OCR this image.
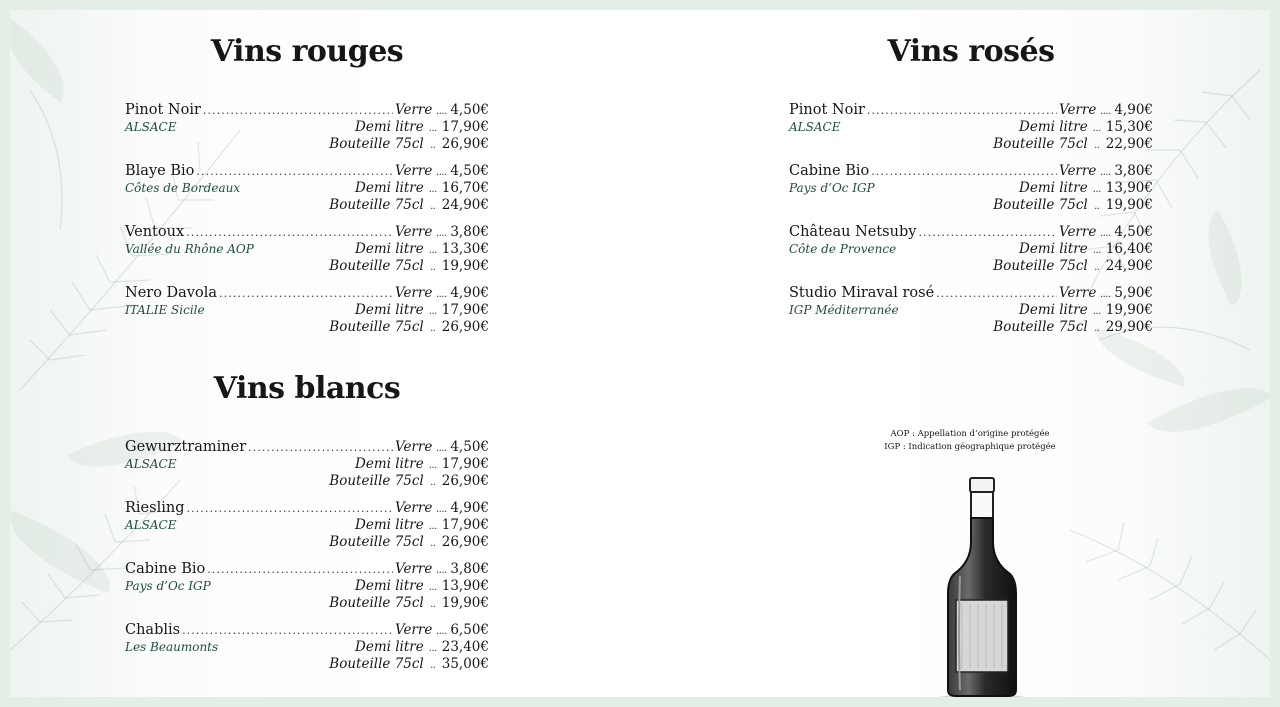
Vins rouges
Pinot Noir . . .	Verre .... 4,50€
ALSACE	Demi litre ... 17,90€
Bouteille 75cl .. 26,90€
Blaye Bio . . .	Verre .... 4,50€
Côtes de Bordeaux	Demi litre ... 16,70€
Bouteille 75cl .. 24,90€
Ventoux . . .	Verre .... 3,80€
Vallée du Rhône AOP	Demi litre ... 13,30€
Bouteille 75cl .. 19,90€
Nero Davola . . .	Verre .... 4,90€
ITALIE Sicile	Demi litre ... 17,90€
Bouteille 75cl .. 26,90€
Vins blancs
Gewurztraminer . . .	Verre .... 4,50€
ALSACE	Demi litre ... 17,90€
Bouteille 75cl .. 26,90€
Riesling . . .	Verre .... 4,90€
ALSACE	Demi litre ... 17,90€
Bouteille 75cl .. 26,90€
Cabine Bio . . .	Verre .... 3,80€
Pays d’Oc IGP	Demi litre ... 13,90€
Bouteille 75cl .. 19,90€
Chablis . . .	Verre .... 6,50€
Les Beaumonts	Demi litre ... 23,40€
Bouteille 75cl .. 35,00€
Vins rosés
Pinot Noir . . .	Verre .... 4,90€
ALSACE	Demi litre ... 15,30€
Bouteille 75cl .. 22,90€
Cabine Bio . . .	Verre .... 3,80€
Pays d’Oc IGP	Demi litre ... 13,90€
Bouteille 75cl .. 19,90€
Château Netsuby . . .	Verre .... 4,50€
Côte de Provence	Demi litre ... 16,40€
Bouteille 75cl .. 24,90€
Studio Miraval rosé . . .	Verre .... 5,90€
IGP Méditerranée	Demi litre ... 19,90€
Bouteille 75cl .. 29,90€
AOP : Appellation d’origine protégée
IGP : Indication géographique protégée
